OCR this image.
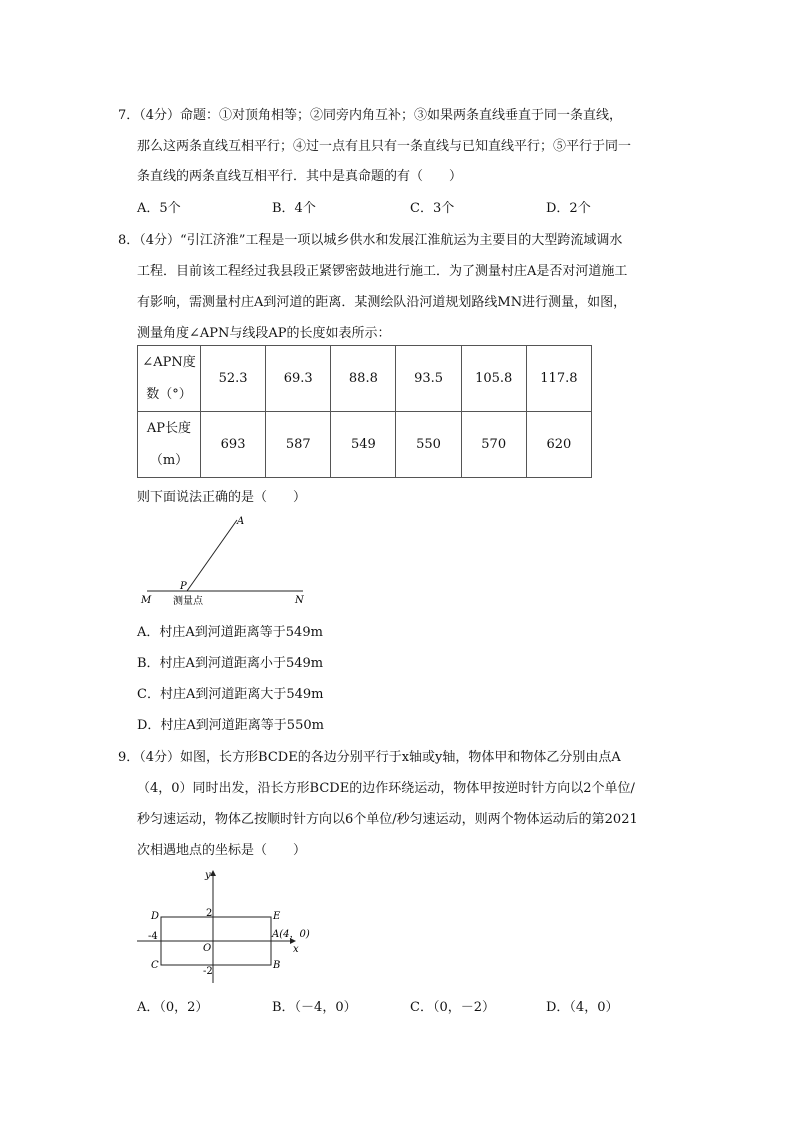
7．（4分）命题：①对顶角相等；②同旁内角互补；③如果两条直线垂直于同一条直线，
那么这两条直线互相平行；④过一点有且只有一条直线与已知直线平行；⑤平行于同一
条直线的两条直线互相平行．其中是真命题的有（　　）
A．5个	B．4个	C．3个	D．2个
8．（4分）“引江济淮”工程是一项以城乡供水和发展江淮航运为主要目的大型跨流域调水
工程．目前该工程经过我县段正紧锣密鼓地进行施工．为了测量村庄A是否对河道施工
有影响，需测量村庄A到河道的距离．某测绘队沿河道规划路线MN进行测量，如图，
测量角度∠APN与线段AP的长度如表所示：
∠APN度
数（°）	52.3	69.3	88.8	93.5	105.8	117.8
AP长度
（m）	693	587	549	550	570	620
则下面说法正确的是（　　）
A
P
M	N
测量点
A．村庄A到河道距离等于549m
B．村庄A到河道距离小于549m
C．村庄A到河道距离大于549m
D．村庄A到河道距离等于550m
9．（4分）如图，长方形BCDE的各边分别平行于x轴或y轴，物体甲和物体乙分别由点A
（4，0）同时出发，沿长方形BCDE的边作环绕运动，物体甲按逆时针方向以2个单位/
秒匀速运动，物体乙按顺时针方向以6个单位/秒匀速运动，则两个物体运动后的第2021
次相遇地点的坐标是（　　）
y
x
O
2
-2
-4
D	E
C	B
A(4，0)
A．（0，2）	B．（－4，0）	C．（0，－2）	D．（4，0）
